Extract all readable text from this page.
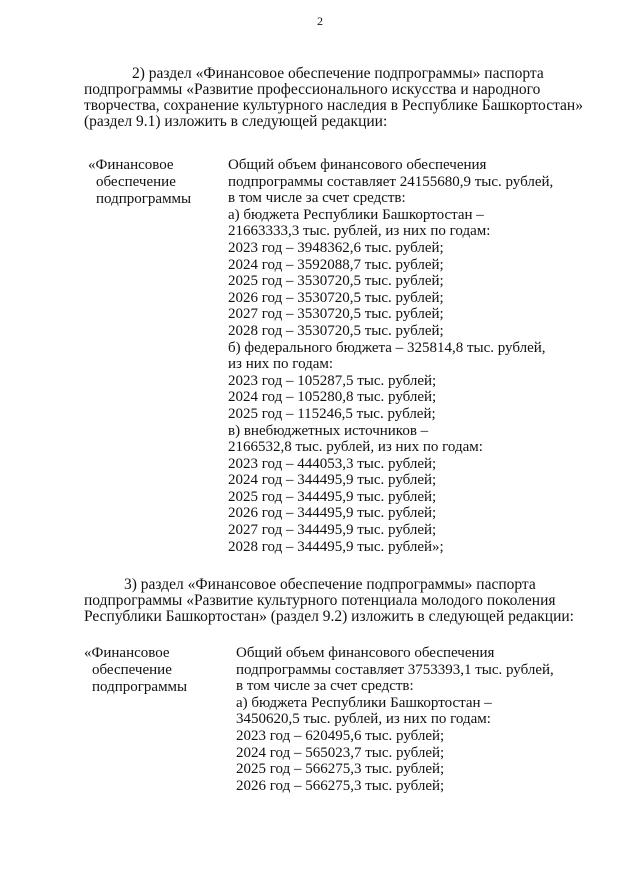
2
2) раздел «Финансовое обеспечение подпрограммы» паспорта
подпрограммы «Развитие профессионального искусства и народного
творчества, сохранение культурного наследия в Республике Башкортостан»
(раздел 9.1) изложить в следующей редакции:
«Финансовое
обеспечение
подпрограммы
Общий объем финансового обеспечения
подпрограммы составляет 24155680,9 тыс. рублей,
в том числе за счет средств:
а) бюджета Республики Башкортостан –
21663333,3 тыс. рублей, из них по годам:
2023 год – 3948362,6 тыс. рублей;
2024 год – 3592088,7 тыс. рублей;
2025 год – 3530720,5 тыс. рублей;
2026 год – 3530720,5 тыс. рублей;
2027 год – 3530720,5 тыс. рублей;
2028 год – 3530720,5 тыс. рублей;
б) федерального бюджета – 325814,8 тыс. рублей,
из них по годам:
2023 год – 105287,5 тыс. рублей;
2024 год – 105280,8 тыс. рублей;
2025 год – 115246,5 тыс. рублей;
в) внебюджетных источников –
2166532,8 тыс. рублей, из них по годам:
2023 год – 444053,3 тыс. рублей;
2024 год – 344495,9 тыс. рублей;
2025 год – 344495,9 тыс. рублей;
2026 год – 344495,9 тыс. рублей;
2027 год – 344495,9 тыс. рублей;
2028 год – 344495,9 тыс. рублей»;
3) раздел «Финансовое обеспечение подпрограммы» паспорта
подпрограммы «Развитие культурного потенциала молодого поколения
Республики Башкортостан» (раздел 9.2) изложить в следующей редакции:
«Финансовое
обеспечение
подпрограммы
Общий объем финансового обеспечения
подпрограммы составляет 3753393,1 тыс. рублей,
в том числе за счет средств:
а) бюджета Республики Башкортостан –
3450620,5 тыс. рублей, из них по годам:
2023 год – 620495,6 тыс. рублей;
2024 год – 565023,7 тыс. рублей;
2025 год – 566275,3 тыс. рублей;
2026 год – 566275,3 тыс. рублей;
